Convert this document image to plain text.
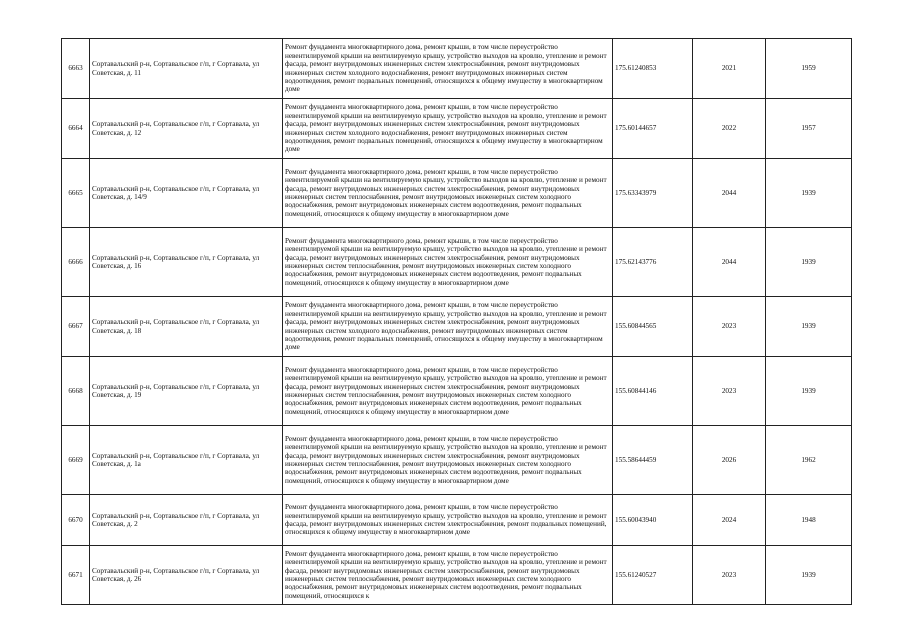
6663	Сортавальский р-н, Сортавальское г/п, г Сортавала, ул Советская, д. 11	Ремонт фундамента многоквартирного дома, ремонт крыши, в том числе переустройство невентилируемой крыши на вентилируемую крышу, устройство выходов на кровлю, утепление и ремонт фасада, ремонт внутридомовых инженерных систем электроснабжения, ремонт внутридомовых инженерных систем холодного водоснабжения, ремонт внутридомовых инженерных систем водоотведения, ремонт подвальных помещений, относящихся к общему имуществу в многоквартирном доме	175.61240853	2021	1959
6664	Сортавальский р-н, Сортавальское г/п, г Сортавала, ул Советская, д. 12	Ремонт фундамента многоквартирного дома, ремонт крыши, в том числе переустройство невентилируемой крыши на вентилируемую крышу, устройство выходов на кровлю, утепление и ремонт фасада, ремонт внутридомовых инженерных систем электроснабжения, ремонт внутридомовых инженерных систем холодного водоснабжения, ремонт внутридомовых инженерных систем водоотведения, ремонт подвальных помещений, относящихся к общему имуществу в многоквартирном доме	175.60144657	2022	1957
6665	Сортавальский р-н, Сортавальское г/п, г Сортавала, ул Советская, д. 14/9	Ремонт фундамента многоквартирного дома, ремонт крыши, в том числе переустройство невентилируемой крыши на вентилируемую крышу, устройство выходов на кровлю, утепление и ремонт фасада, ремонт внутридомовых инженерных систем электроснабжения, ремонт внутридомовых инженерных систем теплоснабжения, ремонт внутридомовых инженерных систем холодного водоснабжения, ремонт внутридомовых инженерных систем водоотведения, ремонт подвальных помещений, относящихся к общему имуществу в многоквартирном доме	175.63343979	2044	1939
6666	Сортавальский р-н, Сортавальское г/п, г Сортавала, ул Советская, д. 16	Ремонт фундамента многоквартирного дома, ремонт крыши, в том числе переустройство невентилируемой крыши на вентилируемую крышу, устройство выходов на кровлю, утепление и ремонт фасада, ремонт внутридомовых инженерных систем электроснабжения, ремонт внутридомовых инженерных систем теплоснабжения, ремонт внутридомовых инженерных систем холодного водоснабжения, ремонт внутридомовых инженерных систем водоотведения, ремонт подвальных помещений, относящихся к общему имуществу в многоквартирном доме	175.62143776	2044	1939
6667	Сортавальский р-н, Сортавальское г/п, г Сортавала, ул Советская, д. 18	Ремонт фундамента многоквартирного дома, ремонт крыши, в том числе переустройство невентилируемой крыши на вентилируемую крышу, устройство выходов на кровлю, утепление и ремонт фасада, ремонт внутридомовых инженерных систем электроснабжения, ремонт внутридомовых инженерных систем холодного водоснабжения, ремонт внутридомовых инженерных систем водоотведения, ремонт подвальных помещений, относящихся к общему имуществу в многоквартирном доме	155.60844565	2023	1939
6668	Сортавальский р-н, Сортавальское г/п, г Сортавала, ул Советская, д. 19	Ремонт фундамента многоквартирного дома, ремонт крыши, в том числе переустройство невентилируемой крыши на вентилируемую крышу, устройство выходов на кровлю, утепление и ремонт фасада, ремонт внутридомовых инженерных систем электроснабжения, ремонт внутридомовых инженерных систем теплоснабжения, ремонт внутридомовых инженерных систем холодного водоснабжения, ремонт внутридомовых инженерных систем водоотведения, ремонт подвальных помещений, относящихся к общему имуществу в многоквартирном доме	155.60844146	2023	1939
6669	Сортавальский р-н, Сортавальское г/п, г Сортавала, ул Советская, д. 1а	Ремонт фундамента многоквартирного дома, ремонт крыши, в том числе переустройство невентилируемой крыши на вентилируемую крышу, устройство выходов на кровлю, утепление и ремонт фасада, ремонт внутридомовых инженерных систем электроснабжения, ремонт внутридомовых инженерных систем теплоснабжения, ремонт внутридомовых инженерных систем холодного водоснабжения, ремонт внутридомовых инженерных систем водоотведения, ремонт подвальных помещений, относящихся к общему имуществу в многоквартирном доме	155.58644459	2026	1962
6670	Сортавальский р-н, Сортавальское г/п, г Сортавала, ул Советская, д. 2	Ремонт фундамента многоквартирного дома, ремонт крыши, в том числе переустройство невентилируемой крыши на вентилируемую крышу, устройство выходов на кровлю, утепление и ремонт фасада, ремонт внутридомовых инженерных систем электроснабжения, ремонт подвальных помещений, относящихся к общему имуществу в многоквартирном доме	155.60043940	2024	1948
6671	Сортавальский р-н, Сортавальское г/п, г Сортавала, ул Советская, д. 26	Ремонт фундамента многоквартирного дома, ремонт крыши, в том числе переустройство невентилируемой крыши на вентилируемую крышу, устройство выходов на кровлю, утепление и ремонт фасада, ремонт внутридомовых инженерных систем электроснабжения, ремонт внутридомовых инженерных систем теплоснабжения, ремонт внутридомовых инженерных систем холодного водоснабжения, ремонт внутридомовых инженерных систем водоотведения, ремонт подвальных помещений, относящихся к	155.61240527	2023	1939
